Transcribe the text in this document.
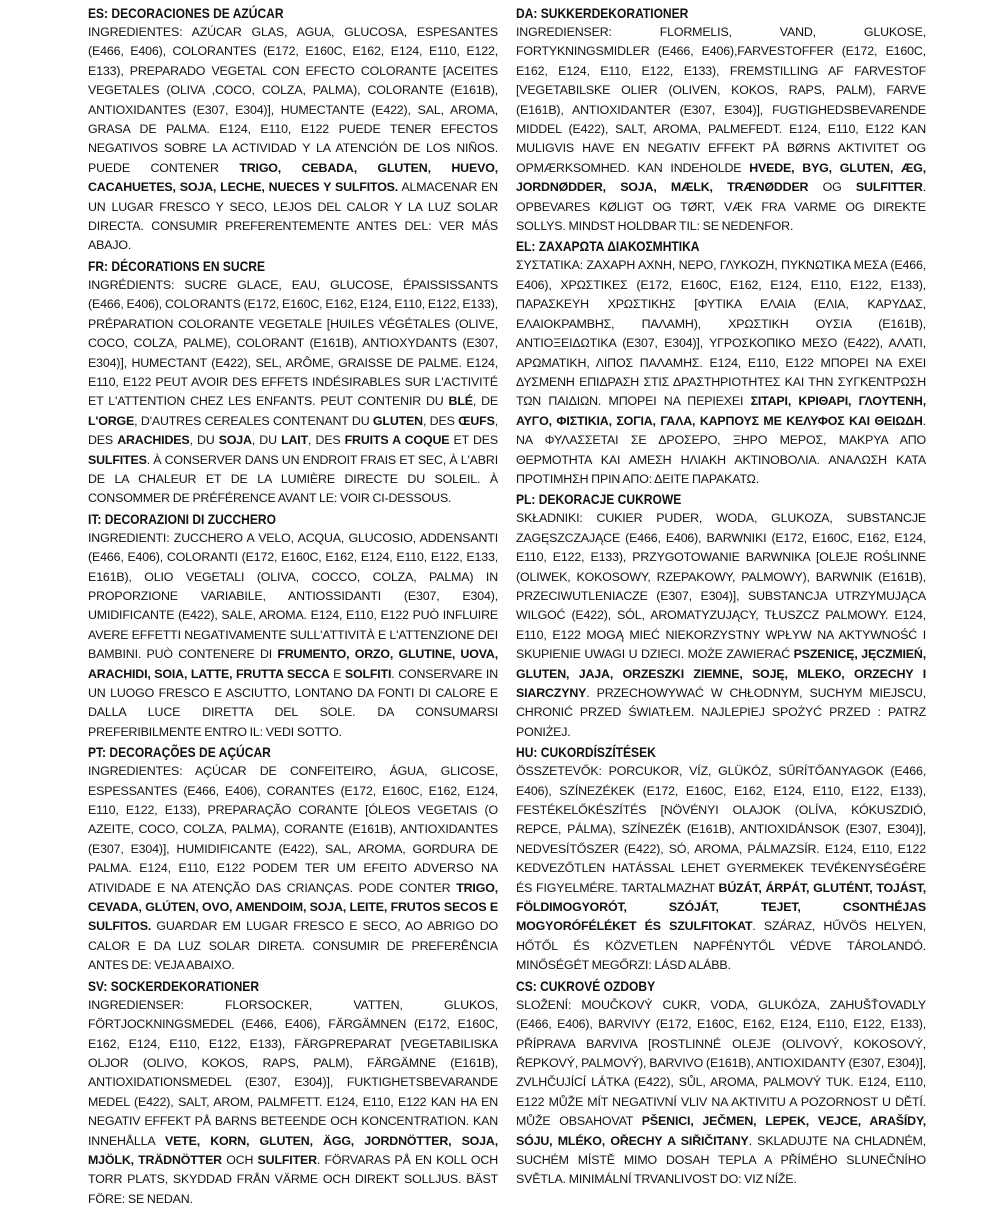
ES: DECORACIONES DE AZÚCAR

INGREDIENTES: AZÚCAR GLAS, AGUA, GLUCOSA, ESPESANTES (E466, E406), COLORANTES (E172, E160C, E162, E124, E110, E122, E133), PREPARADO VEGETAL CON EFECTO COLORANTE [ACEITES VEGETALES (OLIVA ,COCO, COLZA, PALMA), COLORANTE (E161B), ANTIOXIDANTES (E307, E304)], HUMECTANTE (E422), SAL, AROMA, GRASA DE PALMA. E124, E110, E122 PUEDE TENER EFECTOS NEGATIVOS SOBRE LA ACTIVIDAD Y LA ATENCIÓN DE LOS NIÑOS. PUEDE CONTENER TRIGO, CEBADA, GLUTEN, HUEVO, CACAHUETES, SOJA, LECHE, NUECES Y SULFITOS. ALMACENAR EN UN LUGAR FRESCO Y SECO, LEJOS DEL CALOR Y LA LUZ SOLAR DIRECTA. CONSUMIR PREFERENTEMENTE ANTES DEL: VER MÁS ABAJO.

FR: DÉCORATIONS EN SUCRE

INGRÉDIENTS: SUCRE GLACE, EAU, GLUCOSE, ÉPAISSISSANTS (E466, E406), COLORANTS (E172, E160C, E162, E124, E110, E122, E133), PRÉPARATION COLORANTE VEGETALE [HUILES VÉGÉTALES (OLIVE, COCO, COLZA, PALME), COLORANT (E161B), ANTIOXYDANTS (E307, E304)], HUMECTANT (E422), SEL, ARÔME, GRAISSE DE PALME. E124, E110, E122 PEUT AVOIR DES EFFETS INDÉSIRABLES SUR L'ACTIVITÉ ET L'ATTENTION CHEZ LES ENFANTS. PEUT CONTENIR DU BLÉ, DE L'ORGE, D'AUTRES CEREALES CONTENANT DU GLUTEN, DES ŒUFS, DES ARACHIDES, DU SOJA, DU LAIT, DES FRUITS A COQUE ET DES SULFITES. À CONSERVER DANS UN ENDROIT FRAIS ET SEC, À L'ABRI DE LA CHALEUR ET DE LA LUMIÈRE DIRECTE DU SOLEIL. À CONSOMMER DE PRÉFÉRENCE AVANT LE: VOIR CI-DESSOUS.

IT: DECORAZIONI DI ZUCCHERO

INGREDIENTI: ZUCCHERO A VELO, ACQUA, GLUCOSIO, ADDENSANTI (E466, E406), COLORANTI (E172, E160C, E162, E124, E110, E122, E133, E161B), OLIO VEGETALI (OLIVA, COCCO, COLZA, PALMA) IN PROPORZIONE VARIABILE, ANTIOSSIDANTI (E307, E304), UMIDIFICANTE (E422), SALE, AROMA. E124, E110, E122 PUÒ INFLUIRE AVERE EFFETTI NEGATIVAMENTE SULL'ATTIVITÀ E L'ATTENZIONE DEI BAMBINI. PUÒ CONTENERE DI FRUMENTO, ORZO, GLUTINE, UOVA, ARACHIDI, SOIA, LATTE, FRUTTA SECCA E SOLFITI. CONSERVARE IN UN LUOGO FRESCO E ASCIUTTO, LONTANO DA FONTI DI CALORE E DALLA LUCE DIRETTA DEL SOLE. DA CONSUMARSI PREFERIBILMENTE ENTRO IL: VEDI SOTTO.

PT: DECORAÇÕES DE AÇÚCAR

INGREDIENTES: AÇÚCAR DE CONFEITEIRO, ÁGUA, GLICOSE, ESPESSANTES (E466, E406), CORANTES (E172, E160C, E162, E124, E110, E122, E133), PREPARAÇÃO CORANTE [ÓLEOS VEGETAIS (O AZEITE, COCO, COLZA, PALMA), CORANTE (E161B), ANTIOXIDANTES (E307, E304)], HUMIDIFICANTE (E422), SAL, AROMA, GORDURA DE PALMA. E124, E110, E122 PODEM TER UM EFEITO ADVERSO NA ATIVIDADE E NA ATENÇÃO DAS CRIANÇAS. PODE CONTER TRIGO, CEVADA, GLÚTEN, OVO, AMENDOIM, SOJA, LEITE, FRUTOS SECOS E SULFITOS. GUARDAR EM LUGAR FRESCO E SECO, AO ABRIGO DO CALOR E DA LUZ SOLAR DIRETA. CONSUMIR DE PREFERÊNCIA ANTES DE: VEJA ABAIXO.

SV: SOCKERDEKORATIONER

INGREDIENSER: FLORSOCKER, VATTEN, GLUKOS, FÖRTJOCKNINGSMEDEL (E466, E406), FÄRGÄMNEN (E172, E160C, E162, E124, E110, E122, E133), FÄRGPREPARAT [VEGETABILISKA OLJOR (OLIVO, KOKOS, RAPS, PALM), FÄRGÄMNE (E161B), ANTIOXIDATIONSMEDEL (E307, E304)], FUKTIGHETSBEVARANDE MEDEL (E422), SALT, AROM, PALMFETT. E124, E110, E122 KAN HA EN NEGATIV EFFEKT PÅ BARNS BETEENDE OCH KONCENTRATION. KAN INNEHÅLLA VETE, KORN, GLUTEN, ÄGG, JORDNÖTTER, SOJA, MJÖLK, TRÄDNÖTTER OCH SULFITER. FÖRVARAS PÅ EN KOLL OCH TORR PLATS, SKYDDAD FRÅN VÄRME OCH DIREKT SOLLJUS. BÄST FÖRE: SE NEDAN.

DA: SUKKERDEKORATIONER

INGREDIENSER: FLORMELIS, VAND, GLUKOSE, FORTYKNINGSMIDLER (E466, E406),FARVESTOFFER (E172, E160C, E162, E124, E110, E122, E133), FREMSTILLING AF FARVESTOF [VEGETABILSKE OLIER (OLIVEN, KOKOS, RAPS, PALM), FARVE (E161B), ANTIOXIDANTER (E307, E304)], FUGTIGHEDSBEVARENDE MIDDEL (E422), SALT, AROMA, PALMEFEDT. E124, E110, E122 KAN MULIGVIS HAVE EN NEGATIV EFFEKT PÅ BØRNS AKTIVITET OG OPMÆRKSOMHED. KAN INDEHOLDE HVEDE, BYG, GLUTEN, ÆG, JORDNØDDER, SOJA, MÆLK, TRÆNØDDER OG SULFITTER. OPBEVARES KØLIGT OG TØRT, VÆK FRA VARME OG DIREKTE SOLLYS. MINDST HOLDBAR TIL: SE NEDENFOR.

EL: ΖΑΧΑΡΩΤΑ ΔΙΑΚΟΣΜΗΤΙΚΑ

ΣΥΣΤΑΤΙΚΑ: ΖΑΧΑΡΗ ΑΧΝΗ, ΝΕΡΟ, ΓΛΥΚΟΖΗ, ΠΥΚΝΩΤΙΚΑ ΜΕΣΑ (E466, E406), ΧΡΩΣΤΙΚΕΣ (E172, E160C, E162, E124, E110, E122, E133), ΠΑΡΑΣΚΕΥΗ ΧΡΩΣΤΙΚΗΣ [ΦΥΤΙΚΑ ΕΛΑΙΑ (ΕΛΙΑ, ΚΑΡΥΔΑΣ, ΕΛΑΙΟΚΡΑΜΒΗΣ, ΠΑΛΑΜΗ), ΧΡΩΣΤΙΚΗ ΟΥΣΙΑ (E161B), ΑΝΤΙΟΞΕΙΔΩΤΙΚΑ (E307, E304)], ΥΓΡΟΣΚΟΠΙΚΟ ΜΕΣΟ (E422), ΑΛΑΤΙ, ΑΡΩΜΑΤΙΚΗ, ΛΙΠΟΣ ΠΑΛΑΜΗΣ. E124, E110, E122 ΜΠΟΡΕΙ ΝΑ ΕΧΕΙ ΔΥΣΜΕΝΗ ΕΠΙΔΡΑΣΗ ΣΤΙΣ ΔΡΑΣΤΗΡΙΟΤΗΤΕΣ ΚΑΙ ΤΗΝ ΣΥΓΚΕΝΤΡΩΣΗ ΤΩΝ ΠΑΙΔΙΩΝ. ΜΠΟΡΕΙ ΝΑ ΠΕΡΙΕΧΕΙ ΣΙΤΑΡΙ, ΚΡΙΘΑΡΙ, ΓΛΟΥΤΕΝΗ, ΑΥΓΟ, ΦΙΣΤΙΚΙΑ, ΣΟΓΙΑ, ΓΑΛΑ, ΚΑΡΠΟΥΣ ΜΕ ΚΕΛΥΦΟΣ ΚΑΙ ΘΕΙΩΔΗ. ΝΑ ΦΥΛΑΣΣΕΤΑΙ ΣΕ ΔΡΟΣΕΡΟ, ΞΗΡΟ ΜΕΡΟΣ, ΜΑΚΡΥΑ ΑΠΟ ΘΕΡΜΟΤΗΤΑ ΚΑΙ ΑΜΕΣΗ ΗΛΙΑΚΗ ΑΚΤΙΝΟΒΟΛΙΑ. ΑΝΑΛΩΣΗ ΚΑΤΑ ΠΡΟΤΙΜΗΣΗ ΠΡΙΝ ΑΠΟ: ΔΕΙΤΕ ΠΑΡΑΚΑΤΩ.

PL: DEKORACJE CUKROWE

SKŁADNIKI: CUKIER PUDER, WODA, GLUKOZA, SUBSTANCJE ZAGĘSZCZAJĄCE (E466, E406), BARWNIKI (E172, E160C, E162, E124, E110, E122, E133), PRZYGOTOWANIE BARWNIKA [OLEJE ROŚLINNE (OLIWEK, KOKOSOWY, RZEPAKOWY, PALMOWY), BARWNIK (E161B), PRZECIWUTLENIACZE (E307, E304)], SUBSTANCJA UTRZYMUJĄCA WILGOĆ (E422), SÓL, AROMATYZUJĄCY, TŁUSZCZ PALMOWY. E124, E110, E122 MOGĄ MIEĆ NIEKORZYSTNY WPŁYW NA AKTYWNOŚĆ I SKUPIENIE UWAGI U DZIECI. MOŻE ZAWIERAĆ PSZENICĘ, JĘCZMIEŃ, GLUTEN, JAJA, ORZESZKI ZIEMNE, SOJĘ, MLEKO, ORZECHY I SIARCZYNY. PRZECHOWYWAĆ W CHŁODNYM, SUCHYM MIEJSCU, CHRONIĆ PRZED ŚWIATŁEM. NAJLEPIEJ SPOŻYĆ PRZED : PATRZ PONIŻEJ.

HU: CUKORDÍSZÍTÉSEK

ÖSSZETEVŐK: PORCUKOR, VÍZ, GLÜKÓZ, SŰRÍTŐANYAGOK (E466, E406), SZÍNEZÉKEK (E172, E160C, E162, E124, E110, E122, E133), FESTÉKELŐKÉSZÍTÉS [NÖVÉNYI OLAJOK (OLÍVA, KÓKUSZDIÓ, REPCE, PÁLMA), SZÍNEZÉK (E161B), ANTIOXIDÁNSOK (E307, E304)], NEDVESÍTŐSZER (E422), SÓ, AROMA, PÁLMAZSÍR. E124, E110, E122 KEDVEZŐTLEN HATÁSSAL LEHET GYERMEKEK TEVÉKENYSÉGÉRE ÉS FIGYELMÉRE. TARTALMAZHAT BÚZÁT, ÁRPÁT, GLUTÉNT, TOJÁST, FÖLDIMOGYORÓT, SZÓJÁT, TEJET, CSONTHÉJAS MOGYORÓFÉLÉKET ÉS SZULFITOKAT. SZÁRAZ, HŰVÖS HELYEN, HŐTŐL ÉS KÖZVETLEN NAPFÉNYTŐL VÉDVE TÁROLANDÓ. MINŐSÉGÉT MEGŐRZI: LÁSD ALÁBB.

CS: CUKROVÉ OZDOBY

SLOŽENÍ: MOUČKOVÝ CUKR, VODA, GLUKÓZA, ZAHUŠŤOVADLY (E466, E406), BARVIVY (E172, E160C, E162, E124, E110, E122, E133), PŘÍPRAVA BARVIVA [ROSTLINNÉ OLEJE (OLIVOVÝ, KOKOSOVÝ, ŘEPKOVÝ, PALMOVÝ), BARVIVO (E161B), ANTIOXIDANTY (E307, E304)], ZVLHČUJÍCÍ LÁTKA (E422), SŮL, AROMA, PALMOVÝ TUK. E124, E110, E122 MŮŽE MÍT NEGATIVNÍ VLIV NA AKTIVITU A POZORNOST U DĚTÍ. MŮŽE OBSAHOVAT PŠENICI, JEČMEN, LEPEK, VEJCE, ARAŠÍDY, SÓJU, MLÉKO, OŘECHY A SIŘIČITANY. SKLADUJTE NA CHLADNÉM, SUCHÉM MÍSTĚ MIMO DOSAH TEPLA A PŘÍMÉHO SLUNEČNÍHO SVĚTLA. MINIMÁLNÍ TRVANLIVOST DO: VIZ NÍŽE.
